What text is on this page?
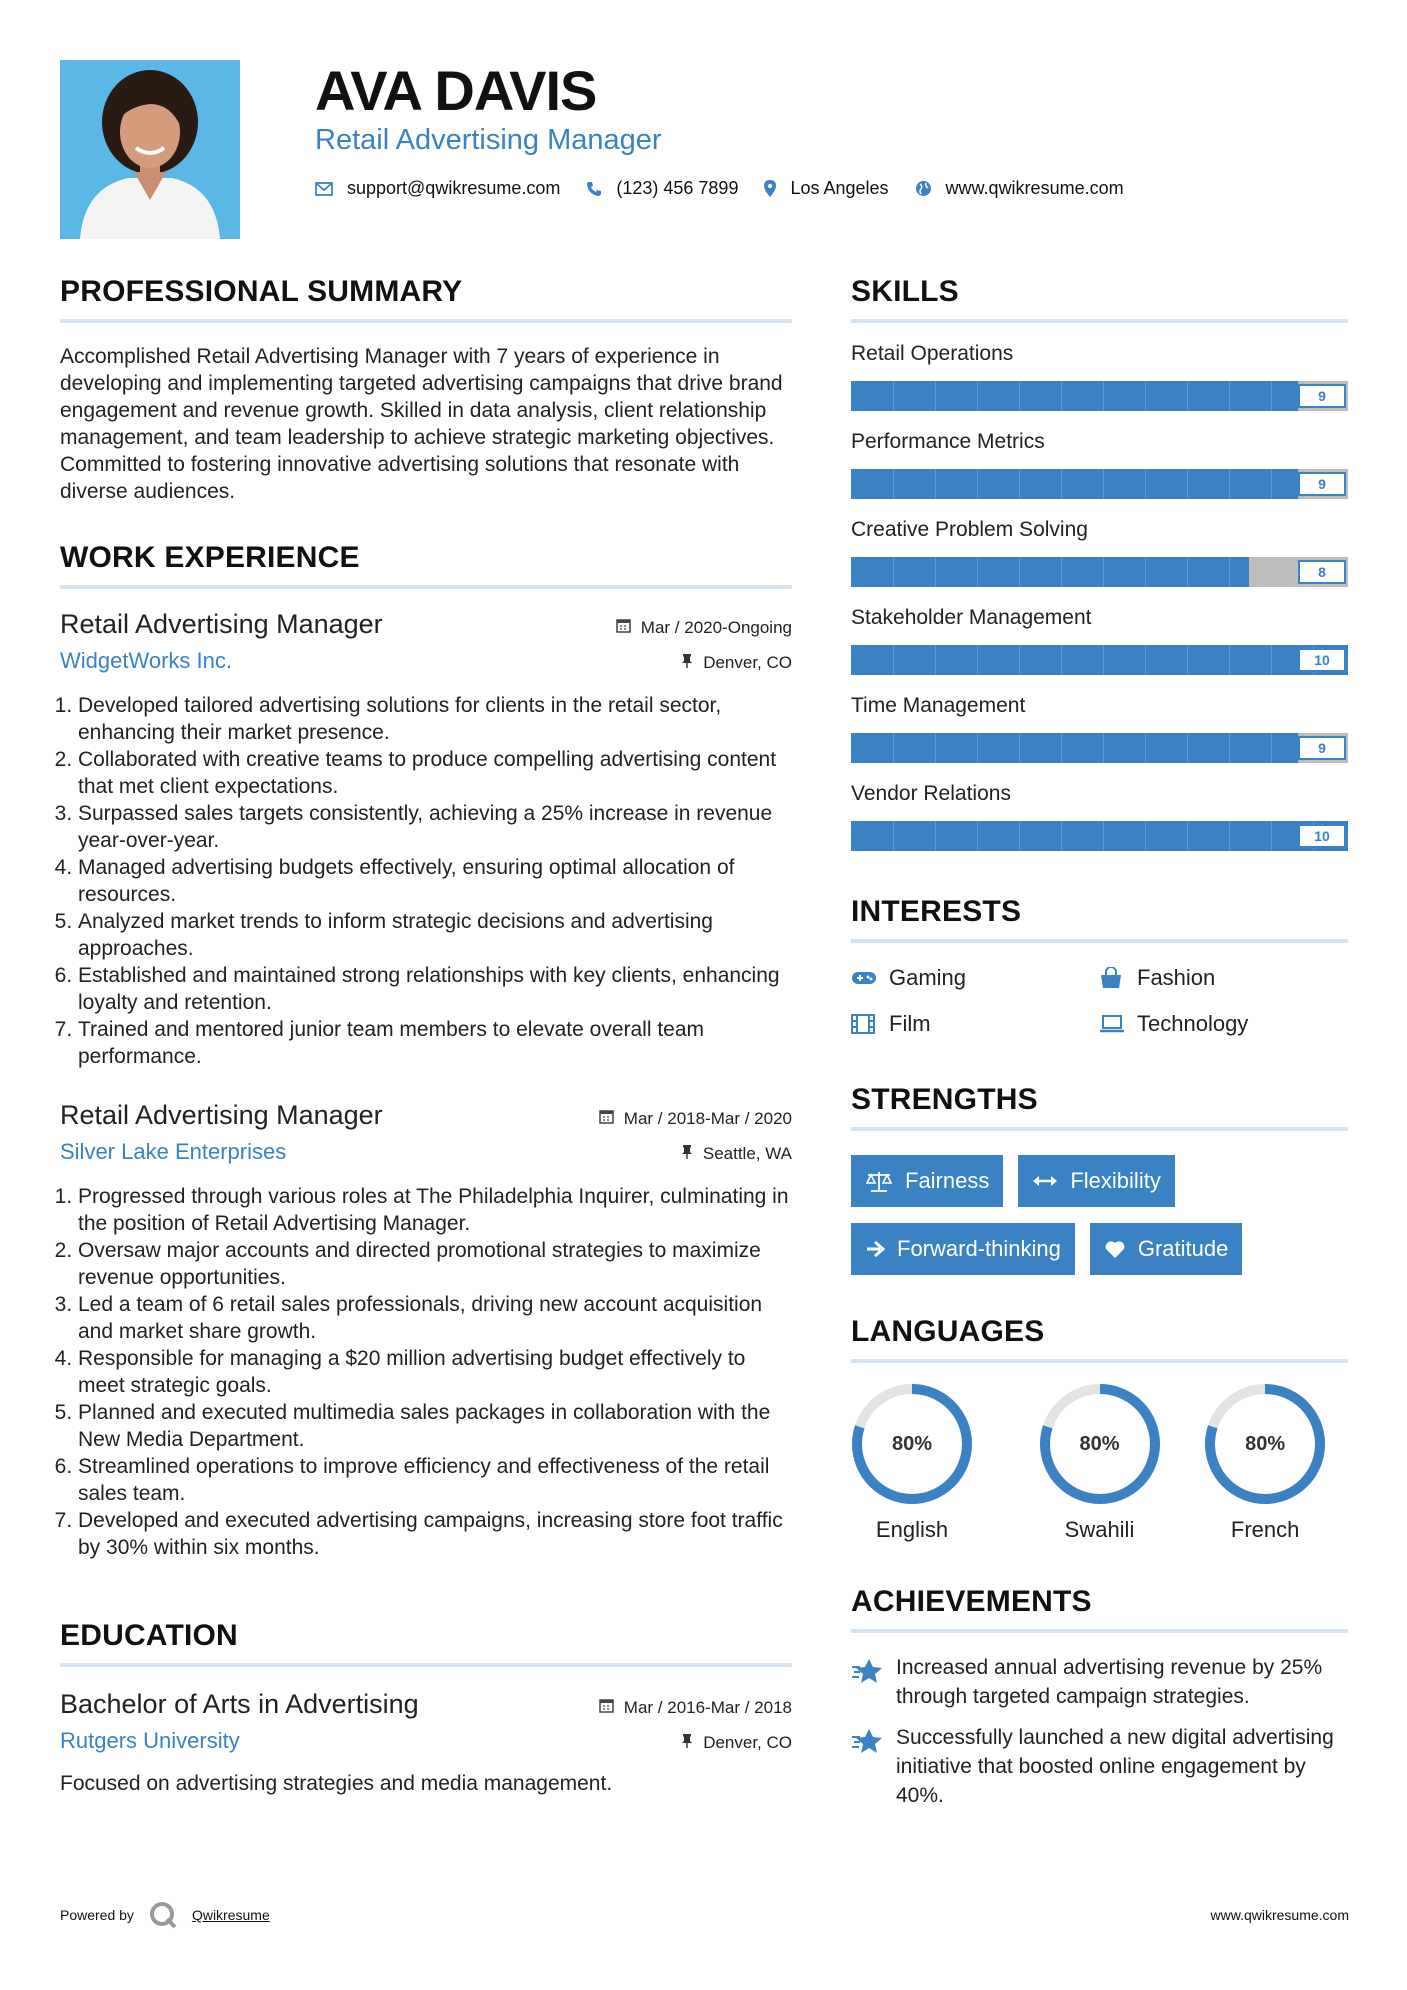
AVA DAVIS
Retail Advertising Manager
support@qwikresume.com	(123) 456 7899	Los Angeles	www.qwikresume.com
PROFESSIONAL SUMMARY
Accomplished Retail Advertising Manager with 7 years of experience in developing and implementing targeted advertising campaigns that drive brand engagement and revenue growth. Skilled in data analysis, client relationship management, and team leadership to achieve strategic marketing objectives. Committed to fostering innovative advertising solutions that resonate with diverse audiences.
WORK EXPERIENCE
Retail Advertising Manager	Mar / 2020-Ongoing
WidgetWorks Inc.	Denver, CO
1. Developed tailored advertising solutions for clients in the retail sector, enhancing their market presence.
2. Collaborated with creative teams to produce compelling advertising content that met client expectations.
3. Surpassed sales targets consistently, achieving a 25% increase in revenue year-over-year.
4. Managed advertising budgets effectively, ensuring optimal allocation of resources.
5. Analyzed market trends to inform strategic decisions and advertising approaches.
6. Established and maintained strong relationships with key clients, enhancing loyalty and retention.
7. Trained and mentored junior team members to elevate overall team performance.
Retail Advertising Manager	Mar / 2018-Mar / 2020
Silver Lake Enterprises	Seattle, WA
1. Progressed through various roles at The Philadelphia Inquirer, culminating in the position of Retail Advertising Manager.
2. Oversaw major accounts and directed promotional strategies to maximize revenue opportunities.
3. Led a team of 6 retail sales professionals, driving new account acquisition and market share growth.
4. Responsible for managing a $20 million advertising budget effectively to meet strategic goals.
5. Planned and executed multimedia sales packages in collaboration with the New Media Department.
6. Streamlined operations to improve efficiency and effectiveness of the retail sales team.
7. Developed and executed advertising campaigns, increasing store foot traffic by 30% within six months.
EDUCATION
Bachelor of Arts in Advertising	Mar / 2016-Mar / 2018
Rutgers University	Denver, CO
Focused on advertising strategies and media management.
SKILLS
Retail Operations
9
Performance Metrics
9
Creative Problem Solving
8
Stakeholder Management
10
Time Management
9
Vendor Relations
10
INTERESTS
Gaming	Fashion
Film	Technology
STRENGTHS
Fairness	Flexibility
Forward-thinking	Gratitude
LANGUAGES
80%
English
80%
Swahili
80%
French
ACHIEVEMENTS
Increased annual advertising revenue by 25% through targeted campaign strategies.
Successfully launched a new digital advertising initiative that boosted online engagement by 40%.
Powered by	Qwikresume	www.qwikresume.com
